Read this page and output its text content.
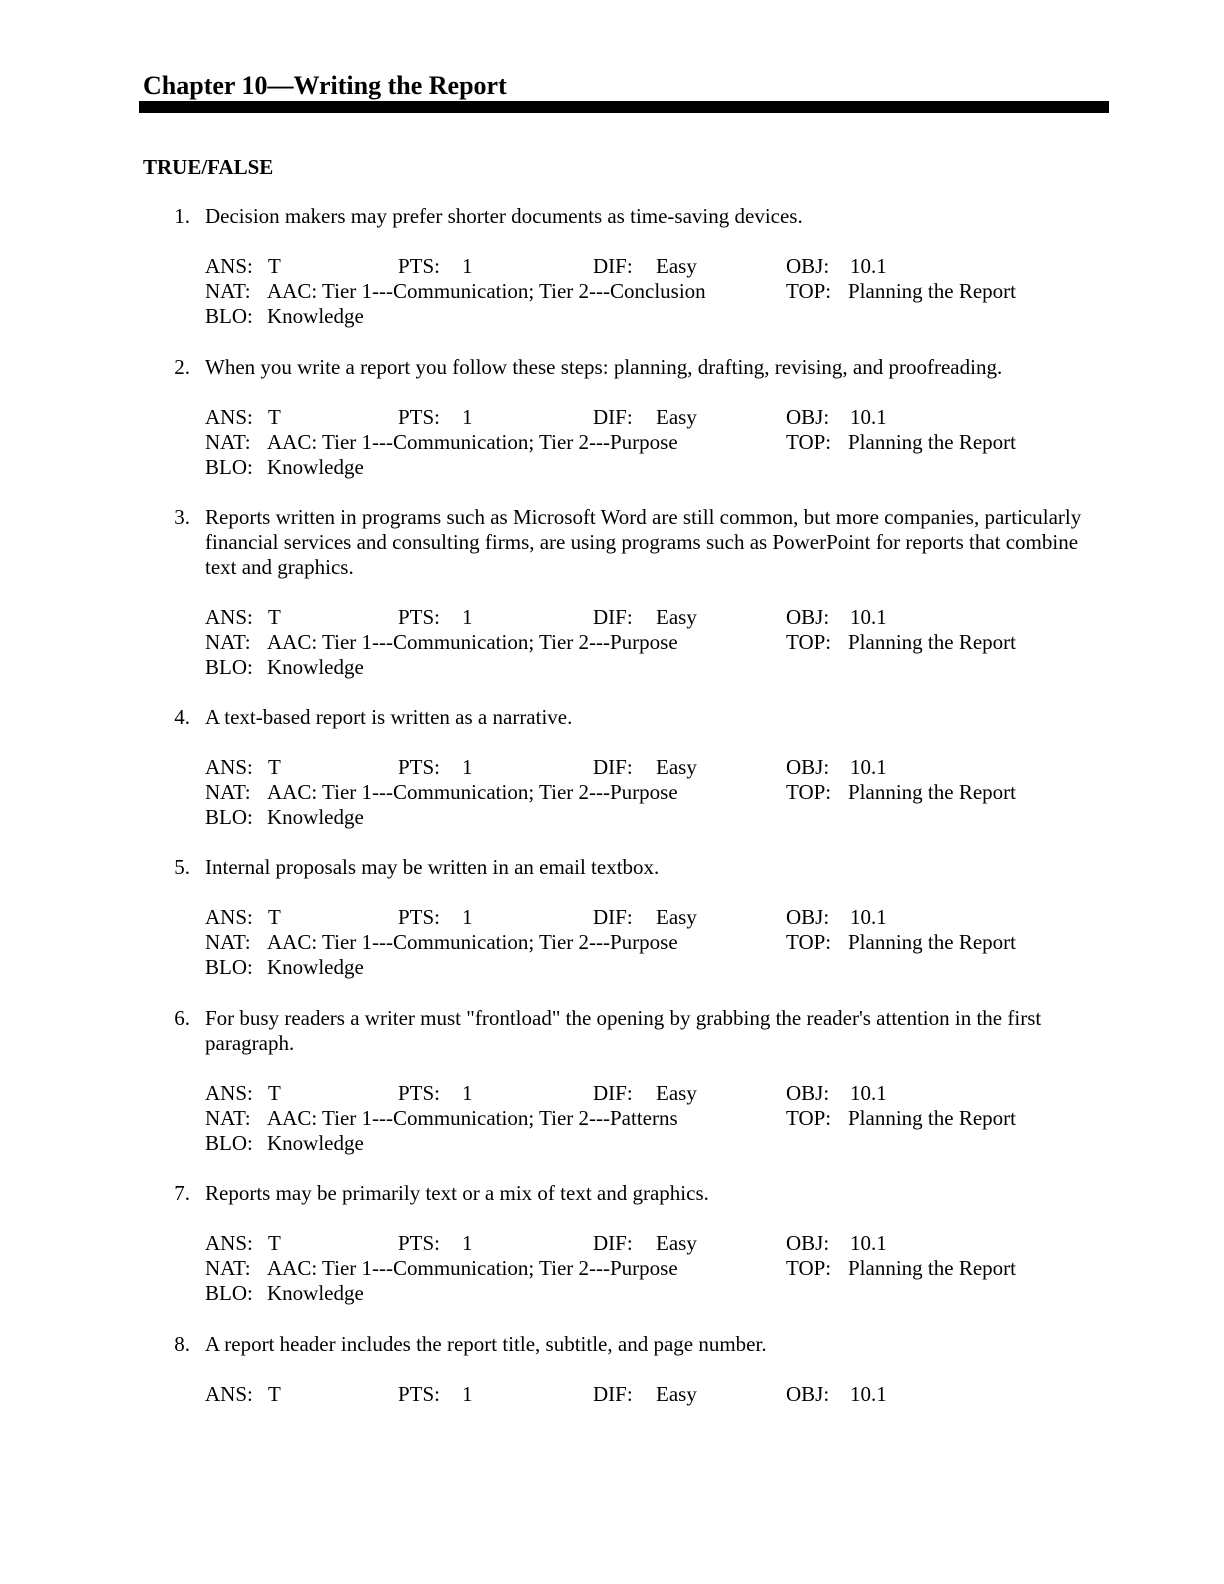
Chapter 10—Writing the Report
TRUE/FALSE
1. Decision makers may prefer shorter documents as time-saving devices.
ANS: T	PTS: 1	DIF: Easy	OBJ: 10.1
NAT: AAC: Tier 1---Communication; Tier 2---Conclusion	TOP: Planning the Report
BLO: Knowledge
2. When you write a report you follow these steps: planning, drafting, revising, and proofreading.
ANS: T	PTS: 1	DIF: Easy	OBJ: 10.1
NAT: AAC: Tier 1---Communication; Tier 2---Purpose	TOP: Planning the Report
BLO: Knowledge
3. Reports written in programs such as Microsoft Word are still common, but more companies, particularly financial services and consulting firms, are using programs such as PowerPoint for reports that combine text and graphics.
ANS: T	PTS: 1	DIF: Easy	OBJ: 10.1
NAT: AAC: Tier 1---Communication; Tier 2---Purpose	TOP: Planning the Report
BLO: Knowledge
4. A text-based report is written as a narrative.
ANS: T	PTS: 1	DIF: Easy	OBJ: 10.1
NAT: AAC: Tier 1---Communication; Tier 2---Purpose	TOP: Planning the Report
BLO: Knowledge
5. Internal proposals may be written in an email textbox.
ANS: T	PTS: 1	DIF: Easy	OBJ: 10.1
NAT: AAC: Tier 1---Communication; Tier 2---Purpose	TOP: Planning the Report
BLO: Knowledge
6. For busy readers a writer must "frontload" the opening by grabbing the reader's attention in the first paragraph.
ANS: T	PTS: 1	DIF: Easy	OBJ: 10.1
NAT: AAC: Tier 1---Communication; Tier 2---Patterns	TOP: Planning the Report
BLO: Knowledge
7. Reports may be primarily text or a mix of text and graphics.
ANS: T	PTS: 1	DIF: Easy	OBJ: 10.1
NAT: AAC: Tier 1---Communication; Tier 2---Purpose	TOP: Planning the Report
BLO: Knowledge
8. A report header includes the report title, subtitle, and page number.
ANS: T	PTS: 1	DIF: Easy	OBJ: 10.1
